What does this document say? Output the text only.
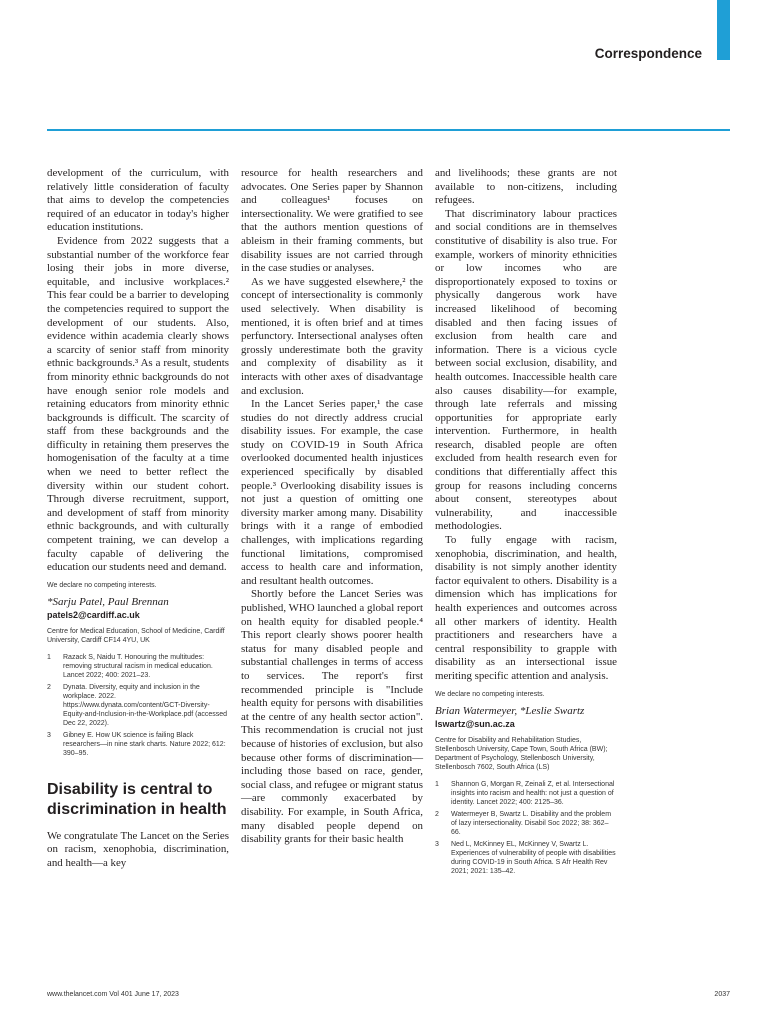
Correspondence

development of the curriculum, with relatively little consideration of faculty that aims to develop the competencies required of an educator in today's higher education institutions.

Evidence from 2022 suggests that a substantial number of the workforce fear losing their jobs in more diverse, equitable, and inclusive workplaces.² This fear could be a barrier to developing the competencies required to support the development of our students. Also, evidence within academia clearly shows a scarcity of senior staff from minority ethnic backgrounds.³ As a result, students from minority ethnic backgrounds do not have enough senior role models and retaining educators from minority ethnic backgrounds is difficult. The scarcity of staff from these backgrounds and the difficulty in retaining them preserves the homogenisation of the faculty at a time when we need to better reflect the diversity within our student cohort. Through diverse recruitment, support, and development of staff from minority ethnic backgrounds, and with culturally competent training, we can develop a faculty capable of delivering the education our students need and demand.

We declare no competing interests.

*Sarju Patel, Paul Brennan

patels2@cardiff.ac.uk

Centre for Medical Education, School of Medicine, Cardiff University, Cardiff CF14 4YU, UK

1	Razack S, Naidu T. Honouring the multitudes: removing structural racism in medical education. Lancet 2022; 400: 2021–23.
2	Dynata. Diversity, equity and inclusion in the workplace. 2022. https://www.dynata.com/content/GCT-Diversity-Equity-and-Inclusion-in-the-Workplace.pdf (accessed Dec 22, 2022).
3	Gibney E. How UK science is failing Black researchers—in nine stark charts. Nature 2022; 612: 390–95.
Disability is central to discrimination in health

We congratulate The Lancet on the Series on racism, xenophobia, discrimination, and health—a key

resource for health researchers and advocates. One Series paper by Shannon and colleagues¹ focuses on intersectionality. We were gratified to see that the authors mention questions of ableism in their framing comments, but disability issues are not carried through in the case studies or analyses.

As we have suggested elsewhere,² the concept of intersectionality is commonly used selectively. When disability is mentioned, it is often brief and at times perfunctory. Intersectional analyses often grossly underestimate both the gravity and complexity of disability as it interacts with other axes of disadvantage and exclusion.

In the Lancet Series paper,¹ the case studies do not directly address crucial disability issues. For example, the case study on COVID-19 in South Africa overlooked documented health injustices experienced specifically by disabled people.³ Overlooking disability issues is not just a question of omitting one diversity marker among many. Disability brings with it a range of embodied challenges, with implications regarding functional limitations, compromised access to health care and information, and resultant health outcomes.

Shortly before the Lancet Series was published, WHO launched a global report on health equity for disabled people.⁴ This report clearly shows poorer health status for many disabled people and substantial challenges in terms of access to services. The report's first recommended principle is "Include health equity for persons with disabilities at the centre of any health sector action". This recommendation is crucial not just because of histories of exclusion, but also because other forms of discrimination—including those based on race, gender, social class, and refugee or migrant status—are commonly exacerbated by disability. For example, in South Africa, many disabled people depend on disability grants for their basic health

and livelihoods; these grants are not available to non-citizens, including refugees.

That discriminatory labour practices and social conditions are in themselves constitutive of disability is also true. For example, workers of minority ethnicities or low incomes who are disproportionately exposed to toxins or physically dangerous work have increased likelihood of becoming disabled and then facing issues of exclusion from health care and information. There is a vicious cycle between social exclusion, disability, and health outcomes. Inaccessible health care also causes disability—for example, through late referrals and missing opportunities for appropriate early intervention. Furthermore, in health research, disabled people are often excluded from health research even for conditions that differentially affect this group for reasons including concerns about consent, stereotypes about vulnerability, and inaccessible methodologies.

To fully engage with racism, xenophobia, discrimination, and health, disability is not simply another identity factor equivalent to others. Disability is a dimension which has implications for health experiences and outcomes across all other markers of identity. Health practitioners and researchers have a central responsibility to grapple with disability as an intersectional issue meriting specific attention and analysis.

We declare no competing interests.

Brian Watermeyer, *Leslie Swartz

lswartz@sun.ac.za

Centre for Disability and Rehabilitation Studies, Stellenbosch University, Cape Town, South Africa (BW); Department of Psychology, Stellenbosch University, Stellenbosch 7602, South Africa (LS)

1	Shannon G, Morgan R, Zeinali Z, et al. Intersectional insights into racism and health: not just a question of identity. Lancet 2022; 400: 2125–36.
2	Watermeyer B, Swartz L. Disability and the problem of lazy intersectionality. Disabil Soc 2022; 38: 362–66.
3	Ned L, McKinney EL, McKinney V, Swartz L. Experiences of vulnerability of people with disabilities during COVID-19 in South Africa. S Afr Health Rev 2021; 2021: 135–42.
www.thelancet.com Vol 401 June 17, 2023	2037
